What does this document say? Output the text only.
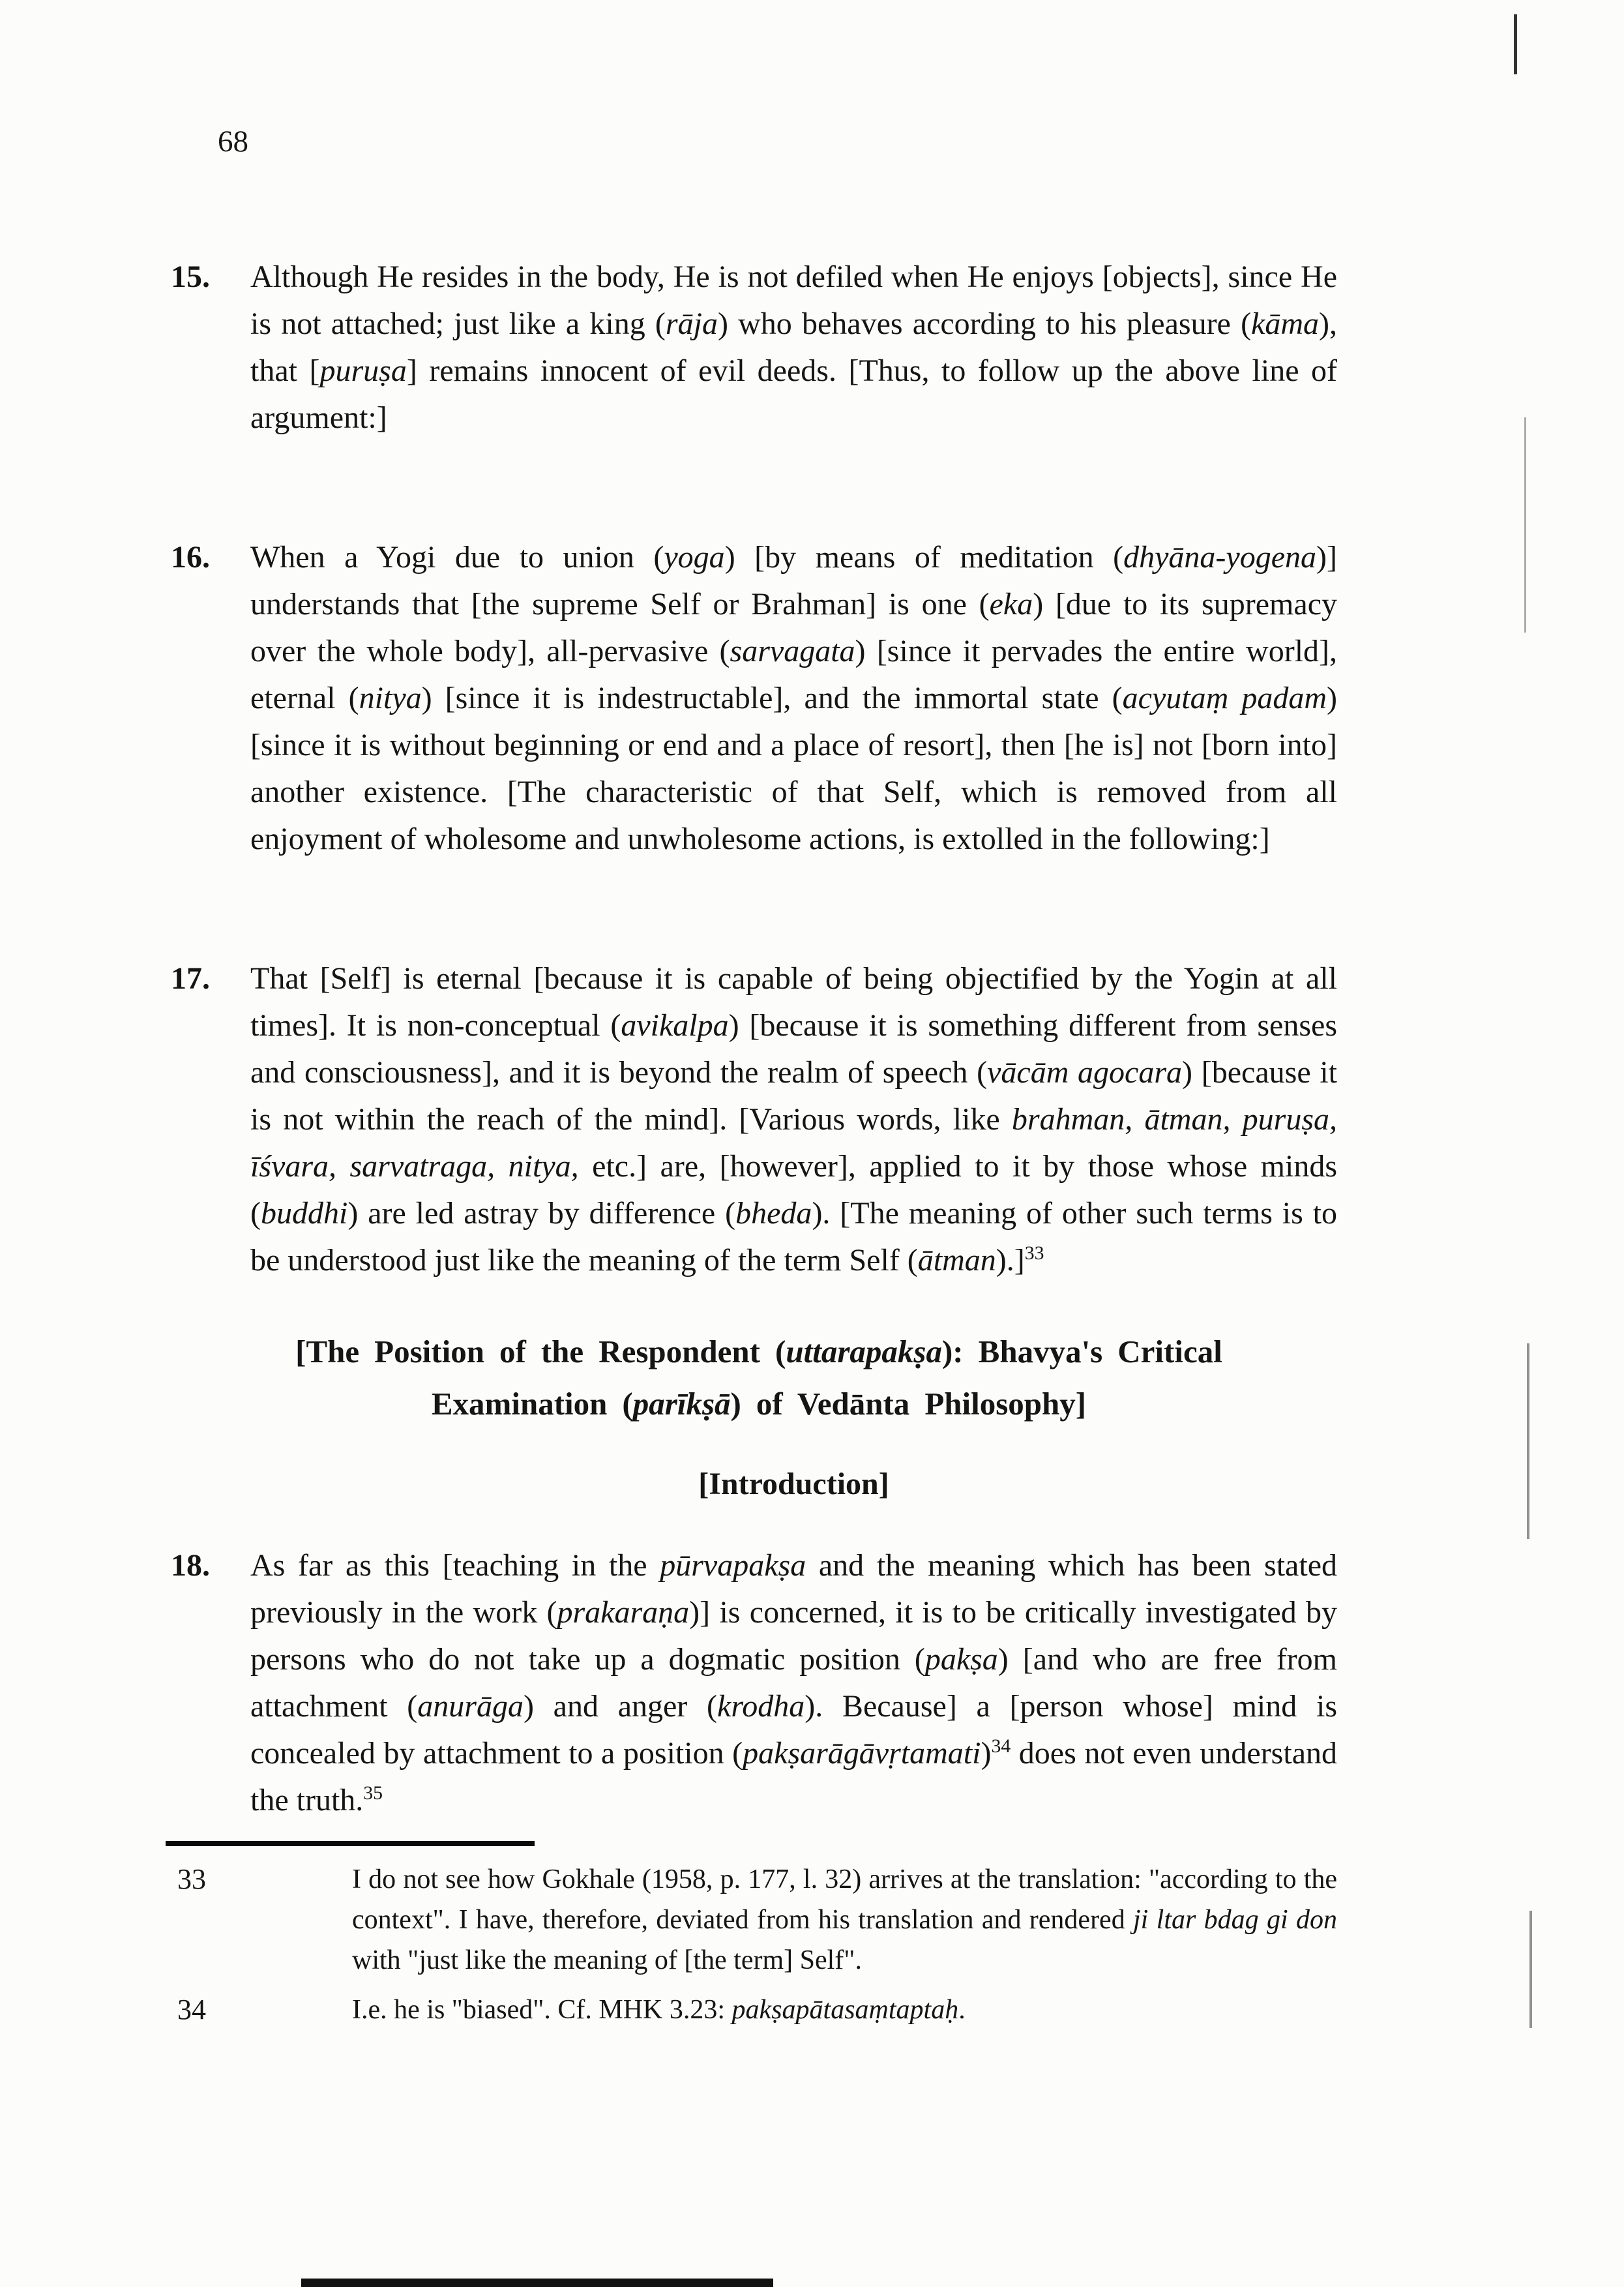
68
15.	Although He resides in the body, He is not defiled when He enjoys [objects], since He is not attached; just like a king (rāja) who behaves according to his pleasure (kāma), that [puruṣa] remains innocent of evil deeds. [Thus, to follow up the above line of argument:]
16.	When a Yogi due to union (yoga) [by means of meditation (dhyāna-yogena)] understands that [the supreme Self or Brahman] is one (eka) [due to its supremacy over the whole body], all-pervasive (sarvagata) [since it pervades the entire world], eternal (nitya) [since it is indestructable], and the immortal state (acyutaṃ padam) [since it is without beginning or end and a place of resort], then [he is] not [born into] another existence. [The characteristic of that Self, which is removed from all enjoyment of wholesome and unwholesome actions, is extolled in the following:]
17.	That [Self] is eternal [because it is capable of being objectified by the Yogin at all times]. It is non-conceptual (avikalpa) [because it is something different from senses and consciousness], and it is beyond the realm of speech (vācām agocara) [because it is not within the reach of the mind]. [Various words, like brahman, ātman, puruṣa, īśvara, sarvatraga, nitya, etc.] are, [however], applied to it by those whose minds (buddhi) are led astray by difference (bheda). [The meaning of other such terms is to be understood just like the meaning of the term Self (ātman).]$^{33}$
[The Position of the Respondent (uttarapakṣa): Bhavya's Critical Examination (parīkṣā) of Vedānta Philosophy]
[Introduction]
18.	As far as this [teaching in the pūrvapakṣa and the meaning which has been stated previously in the work (prakaraṇa)] is concerned, it is to be critically investigated by persons who do not take up a dogmatic position (pakṣa) [and who are free from attachment (anurāga) and anger (krodha). Because] a [person whose] mind is concealed by attachment to a position (pakṣarāgāvṛtamati)$^{34}$ does not even understand the truth.$^{35}$
33	I do not see how Gokhale (1958, p. 177, l. 32) arrives at the translation: "according to the context". I have, therefore, deviated from his translation and rendered ji ltar bdag gi don with "just like the meaning of [the term] Self".
34	I.e. he is "biased". Cf. MHK 3.23: pakṣapātasaṃtaptaḥ.
